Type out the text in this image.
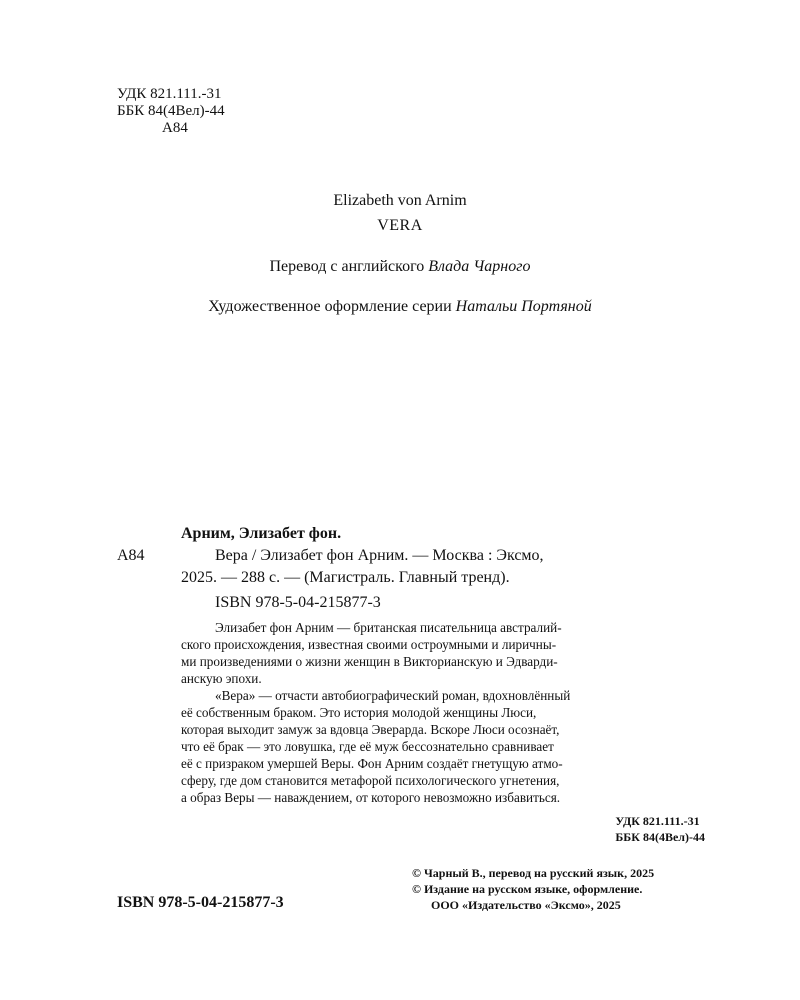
УДК 821.111.-31
ББК 84(4Вел)-44
А84
Elizabeth von Arnim
VERA
Перевод с английского Влада Чарного
Художественное оформление серии Натальи Портяной
Арним, Элизабет фон.
А84	Вера / Элизабет фон Арним. — Москва : Эксмо,
2025. — 288 с. — (Магистраль. Главный тренд).
ISBN 978-5-04-215877-3
Элизабет фон Арним — британская писательница австралий-
ского происхождения, известная своими остроумными и лиричны-
ми произведениями о жизни женщин в Викторианскую и Эдварди-
анскую эпохи.
«Вера» — отчасти автобиографический роман, вдохновлённый
её собственным браком. Это история молодой женщины Люси,
которая выходит замуж за вдовца Эверарда. Вскоре Люси осознаёт,
что её брак — это ловушка, где её муж бессознательно сравнивает
её с призраком умершей Веры. Фон Арним создаёт гнетущую атмо-
сферу, где дом становится метафорой психологического угнетения,
а образ Веры — наваждением, от которого невозможно избавиться.
УДК 821.111.-31
ББК 84(4Вел)-44
© Чарный В., перевод на русский язык, 2025
© Издание на русском языке, оформление.
ООО «Издательство «Эксмо», 2025
ISBN 978-5-04-215877-3
